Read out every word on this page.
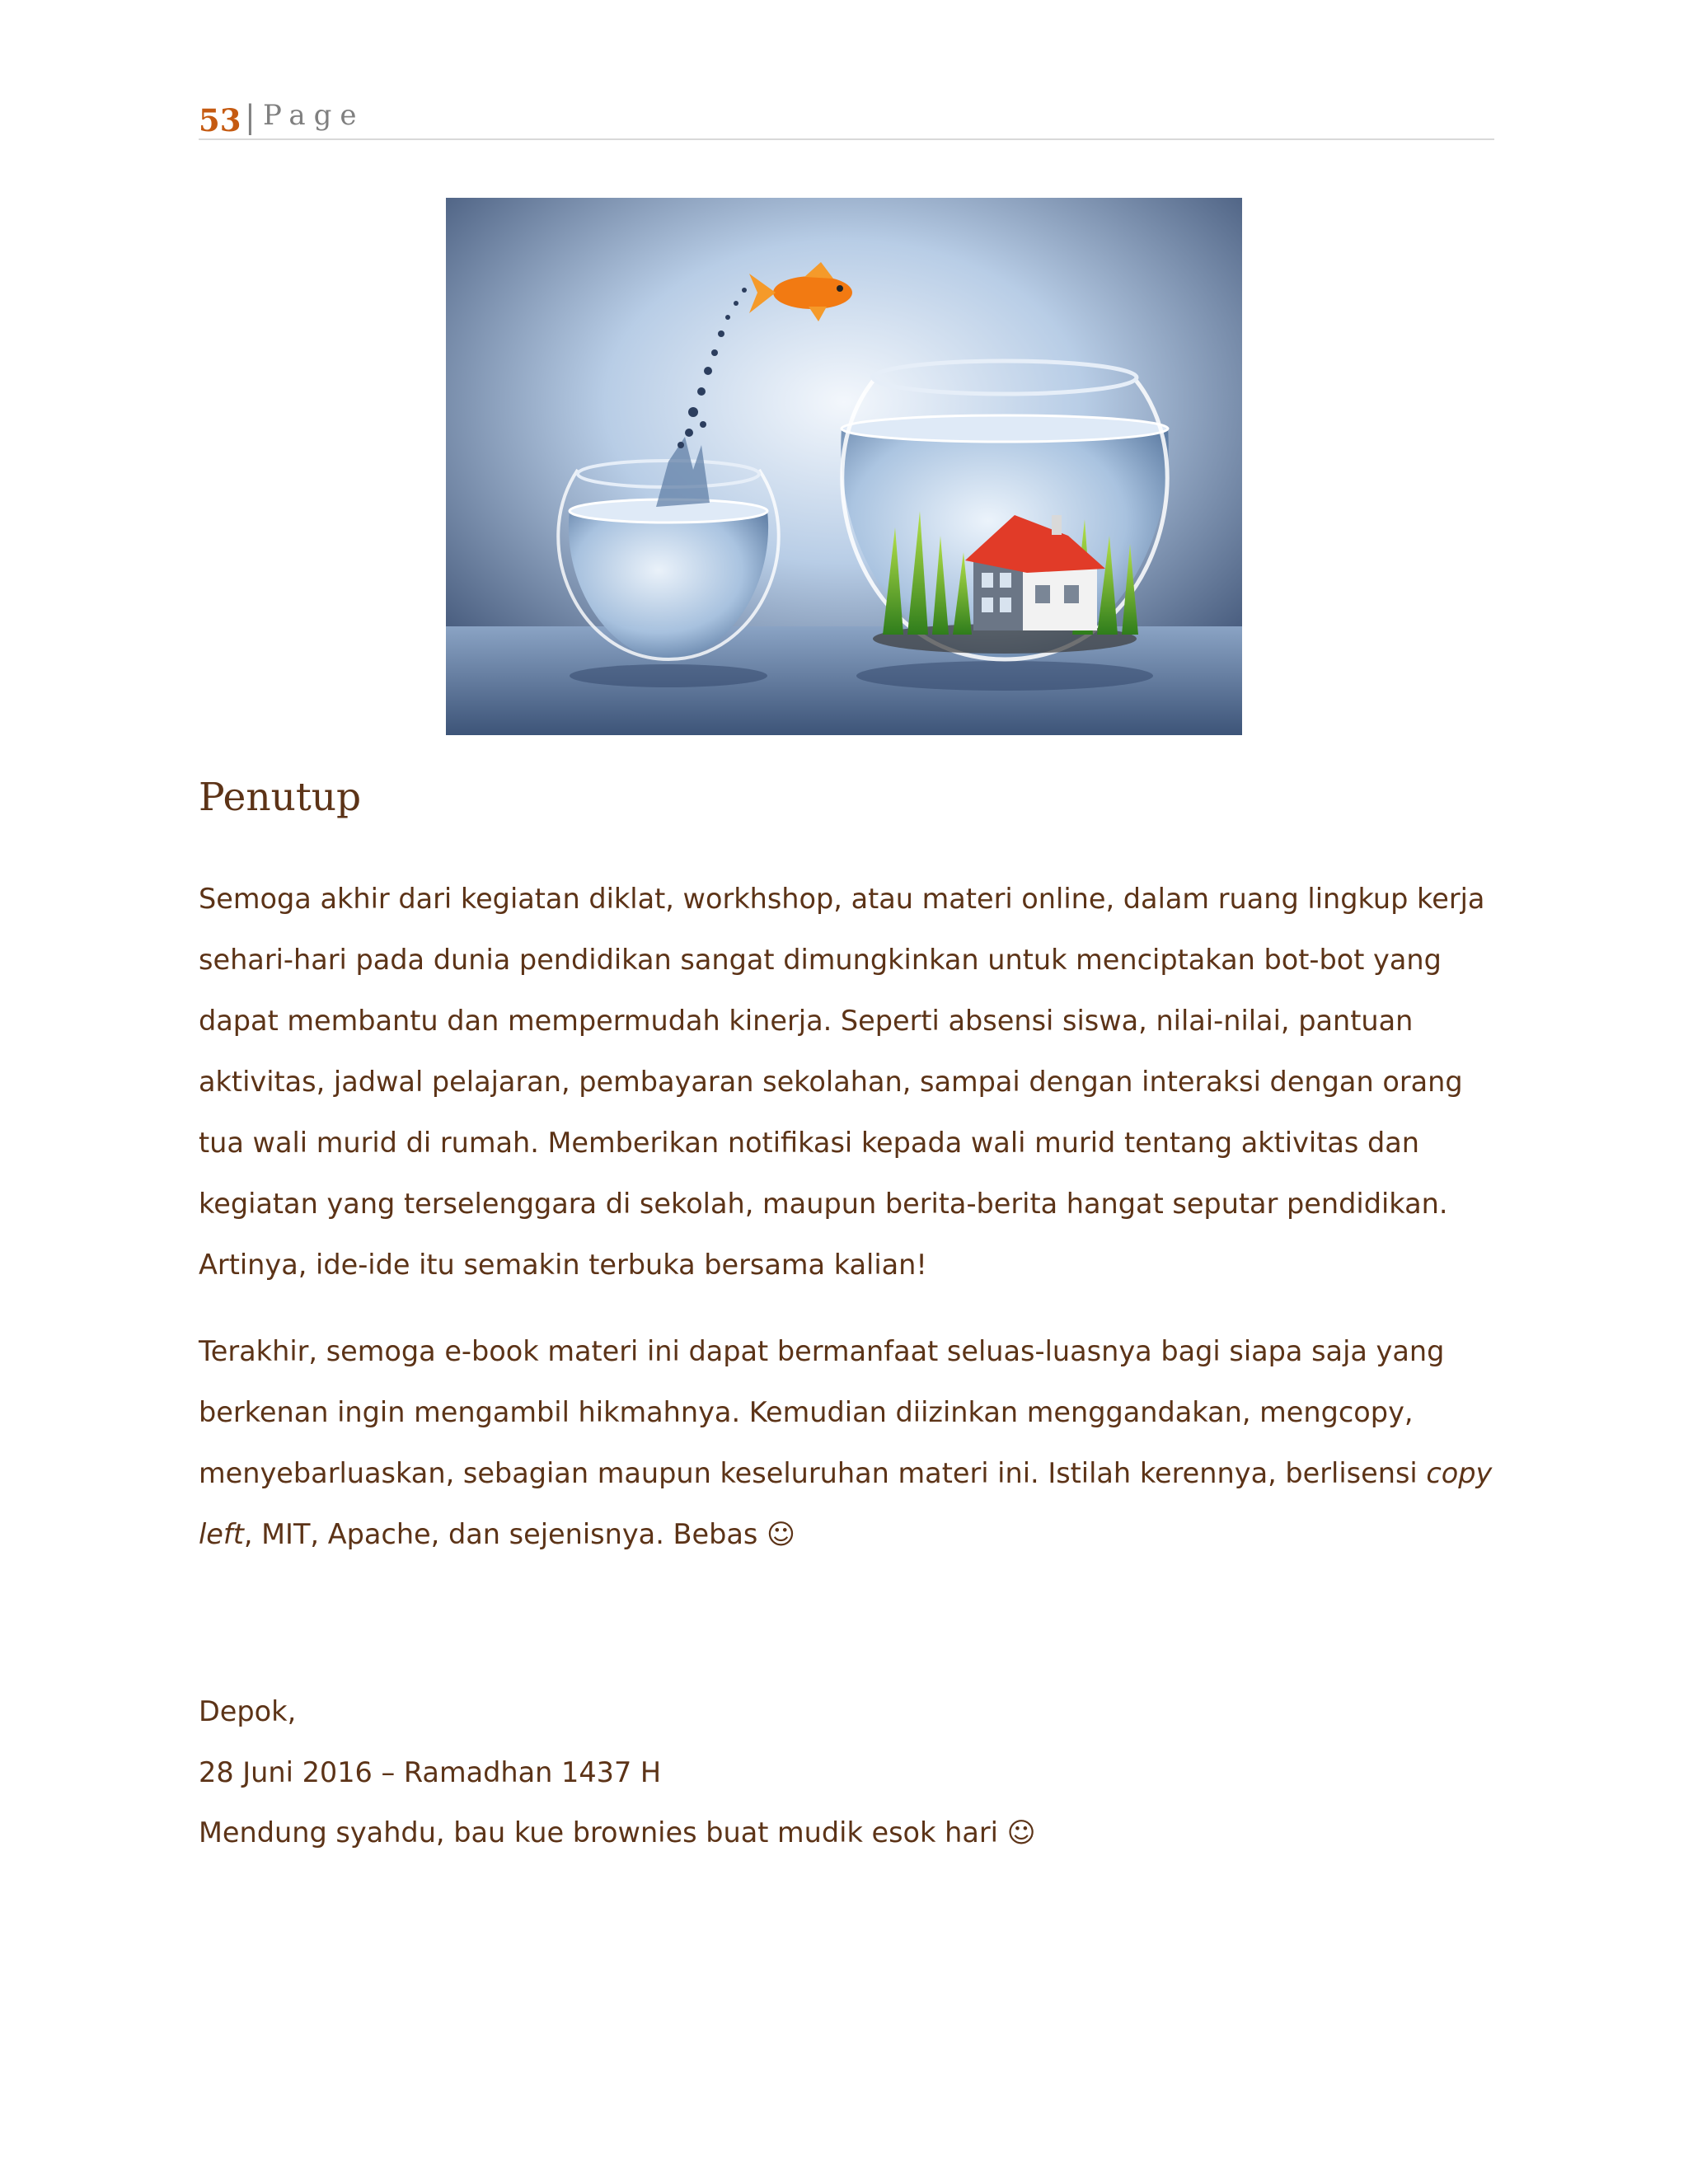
53 | Page
Penutup

Semoga akhir dari kegiatan diklat, workhshop, atau materi online, dalam ruang lingkup kerja sehari-hari pada dunia pendidikan sangat dimungkinkan untuk menciptakan bot-bot yang dapat membantu dan mempermudah kinerja. Seperti absensi siswa, nilai-nilai, pantuan aktivitas, jadwal pelajaran, pembayaran sekolahan, sampai dengan interaksi dengan orang tua wali murid di rumah. Memberikan notifikasi kepada wali murid tentang aktivitas dan kegiatan yang terselenggara di sekolah, maupun berita-berita hangat seputar pendidikan. Artinya, ide-ide itu semakin terbuka bersama kalian!

Terakhir, semoga e-book materi ini dapat bermanfaat seluas-luasnya bagi siapa saja yang berkenan ingin mengambil hikmahnya. Kemudian diizinkan menggandakan, mengcopy, menyebarluaskan, sebagian maupun keseluruhan materi ini. Istilah kerennya, berlisensi copy left, MIT, Apache, dan sejenisnya. Bebas ☺

Depok,

28 Juni 2016 – Ramadhan 1437 H

Mendung syahdu, bau kue brownies buat mudik esok hari ☺
